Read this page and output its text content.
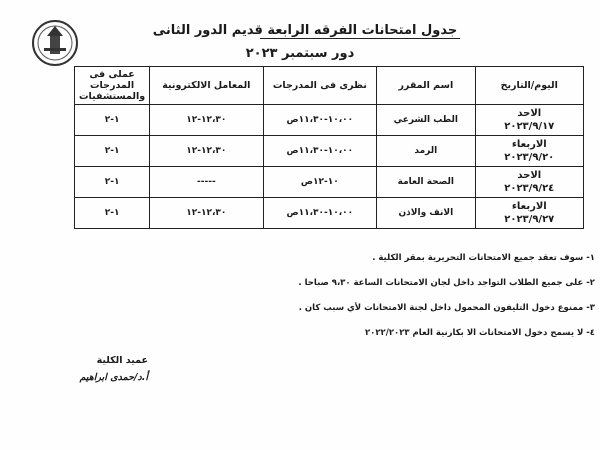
جدول امتحانات الفرقه الرابعة قديم الدور الثانى
دور سبتمبر ٢٠٢٣
اليوم/التاريخ	اسم المقرر	نظرى فى المدرجات	المعامل الالكترونية	عملى فى المدرجات والمستشفيات

الاحد
٢٠٢٣/٩/١٧	الطب الشرعي	١٠،٠٠-١١،٣٠ص	١٢،٣٠-١٢	١-٢

الاربعاء
٢٠٢٣/٩/٢٠	الرمد	١٠،٠٠-١١،٣٠ص	١٢،٣٠-١٢	١-٢

الاحد
٢٠٢٣/٩/٢٤	الصحة العامة	١٠-١٢ص	-----	١-٢

الاربعاء
٢٠٢٣/٩/٢٧	الانف والاذن	١٠،٠٠-١١،٣٠ص	١٢،٣٠-١٢	١-٢
١- سوف تعقد جميع الامتحانات التحريرية بمقر الكلية .
٢- على جميع الطلاب التواجد داخل لجان الامتحانات الساعة ٩،٣٠ صباحا .
٣- ممنوع دخول التليفون المحمول داخل لجنة الامتحانات لأي سبب كان .
٤- لا يسمح دخول الامتحانات الا بكارنية العام ٢٠٢٢/٢٠٢٣
عميد الكلية
أ.د/حمدى ابراهيم
